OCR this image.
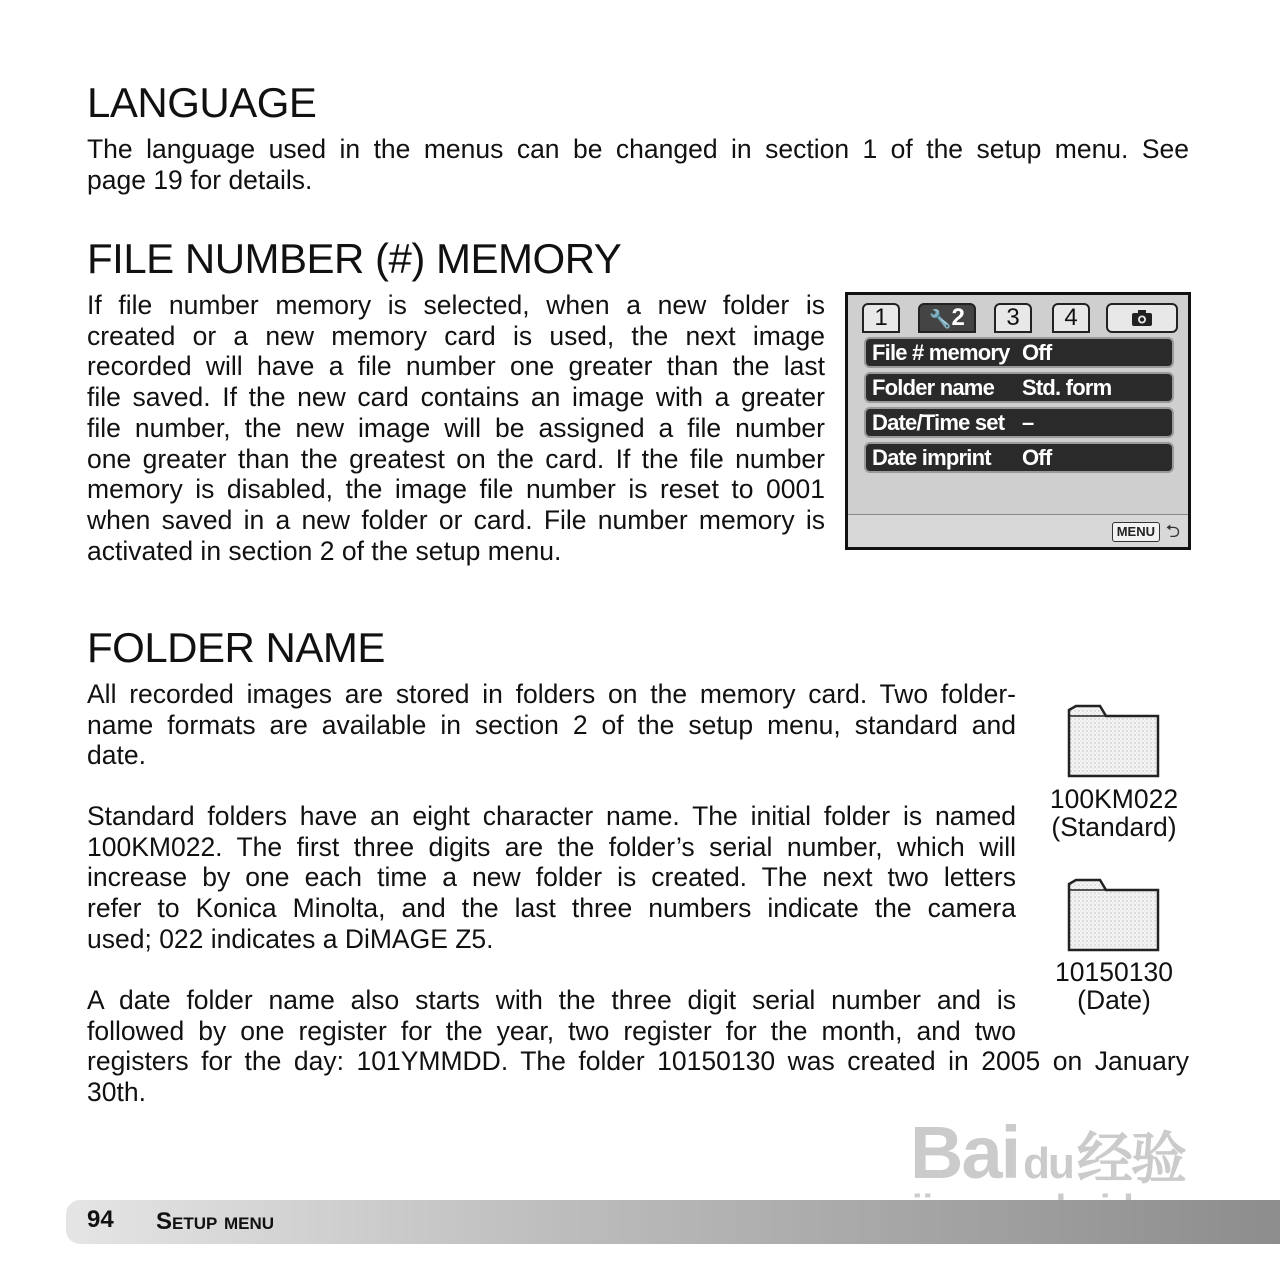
LANGUAGE
The language used in the menus can be changed in section 1 of the setup menu. See
page 19 for details.
FILE NUMBER (#) MEMORY
If file number memory is selected, when a new folder is
created or a new memory card is used, the next image
recorded will have a file number one greater than the last
file saved. If the new card contains an image with a greater
file number, the new image will be assigned a file number
one greater than the greatest on the card. If the file number
memory is disabled, the image file number is reset to 0001
when saved in a new folder or card. File number memory is
activated in section 2 of the setup menu.
1	🔧2	3	4
File # memory Off
Folder name Std. form
Date/Time set –
Date imprint Off
MENU ⮌
FOLDER NAME
All recorded images are stored in folders on the memory card. Two folder-
name formats are available in section 2 of the setup menu, standard and
date.
Standard folders have an eight character name. The initial folder is named
100KM022. The first three digits are the folder’s serial number, which will
increase by one each time a new folder is created. The next two letters
refer to Konica Minolta, and the last three numbers indicate the camera
used; 022 indicates a DiMAGE Z5.
A date folder name also starts with the three digit serial number and is
followed by one register for the year, two register for the month, and two
registers for the day: 101YMMDD. The folder 10150130 was created in 2005 on January
30th.
100KM022
(Standard)
10150130
(Date)
Baidu经验
94 Setup menu
